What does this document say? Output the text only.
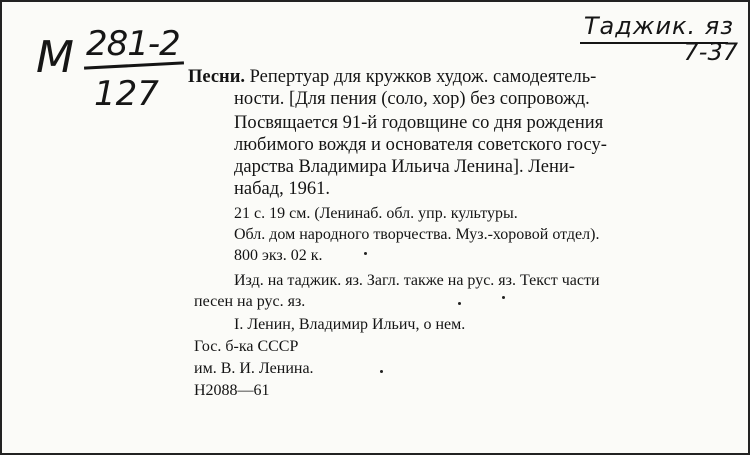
M 281-2
127
Таджик. яз
7-37
Песни. Репертуар для кружков худож. самодеятель-
ности. [Для пения (соло, хор) без сопровожд.
Посвящается 91-й годовщине со дня рождения
любимого вождя и основателя советского госу-
дарства Владимира Ильича Ленина]. Лени-
набад, 1961.
21 с. 19 см. (Ленинаб. обл. упр. культуры.
Обл. дом народного творчества. Муз.-хоровой отдел).
800 экз. 02 к.
Изд. на таджик. яз. Загл. также на рус. яз. Текст части
песен на рус. яз.
I. Ленин, Владимир Ильич, о нем.
Гос. б-ка СССР
им. В. И. Ленина.
H2088—61
